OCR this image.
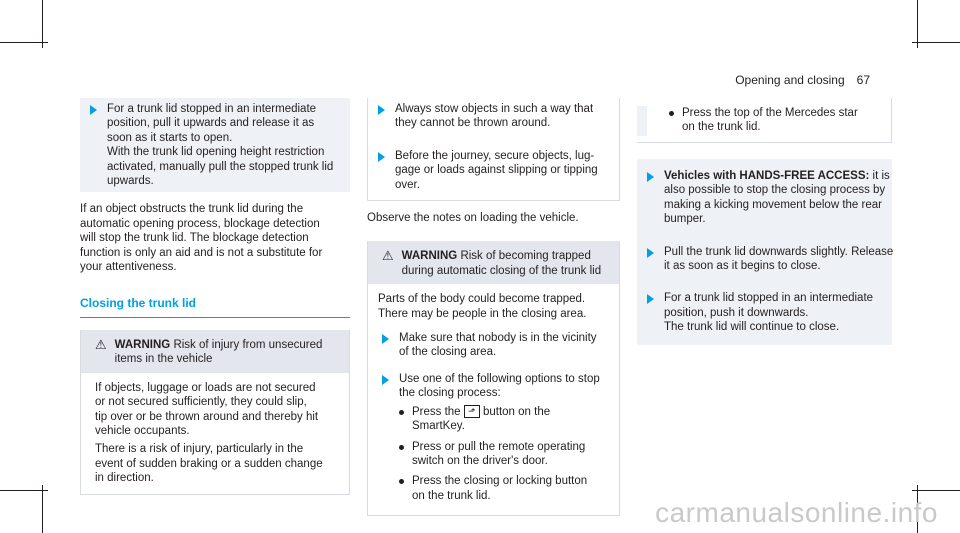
Opening and closing 67
For a trunk lid stopped in an intermediate
position, pull it upwards and release it as
soon as it starts to open.
With the trunk lid opening height restriction
activated, manually pull the stopped trunk lid
upwards.
If an object obstructs the trunk lid during the
automatic opening process, blockage detection
will stop the trunk lid. The blockage detection
function is only an aid and is not a substitute for
your attentiveness.
Closing the trunk lid
⚠ WARNING Risk of injury from unsecured
items in the vehicle
If objects, luggage or loads are not secured
or not secured sufficiently, they could slip,
tip over or be thrown around and thereby hit
vehicle occupants.
There is a risk of injury, particularly in the
event of sudden braking or a sudden change
in direction.
Always stow objects in such a way that
they cannot be thrown around.
Before the journey, secure objects, lug-
gage or loads against slipping or tipping
over.
Observe the notes on loading the vehicle.
⚠ WARNING Risk of becoming trapped
during automatic closing of the trunk lid
Parts of the body could become trapped.
There may be people in the closing area.
Make sure that nobody is in the vicinity
of the closing area.
Use one of the following options to stop
the closing process:
Press the ⬏ button on the
SmartKey.
Press or pull the remote operating
switch on the driver's door.
Press the closing or locking button
on the trunk lid.
Press the top of the Mercedes star
on the trunk lid.
Vehicles with HANDS-FREE ACCESS: it is
also possible to stop the closing process by
making a kicking movement below the rear
bumper.
Pull the trunk lid downwards slightly. Release
it as soon as it begins to close.
For a trunk lid stopped in an intermediate
position, push it downwards.
The trunk lid will continue to close.
carmanualsonline.info
